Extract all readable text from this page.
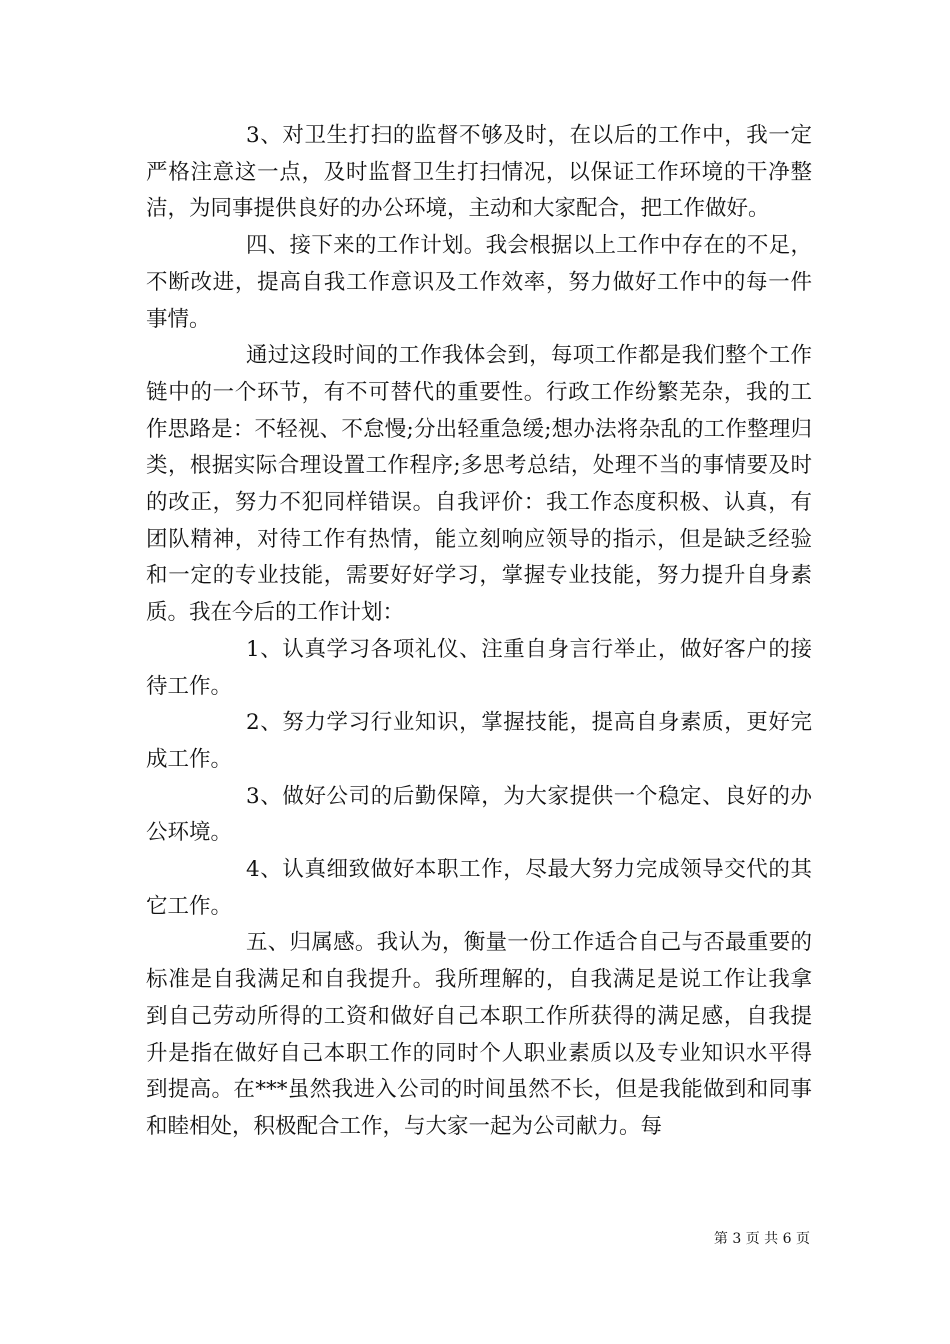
3、对卫生打扫的监督不够及时，在以后的工作中，我一定严格注意这一点，及时监督卫生打扫情况，以保证工作环境的干净整洁，为同事提供良好的办公环境，主动和大家配合，把工作做好。

四、接下来的工作计划。我会根据以上工作中存在的不足，不断改进，提高自我工作意识及工作效率，努力做好工作中的每一件事情。

通过这段时间的工作我体会到，每项工作都是我们整个工作链中的一个环节，有不可替代的重要性。行政工作纷繁芜杂，我的工作思路是：不轻视、不怠慢;分出轻重急缓;想办法将杂乱的工作整理归类，根据实际合理设置工作程序;多思考总结，处理不当的事情要及时的改正，努力不犯同样错误。自我评价：我工作态度积极、认真，有团队精神，对待工作有热情，能立刻响应领导的指示，但是缺乏经验和一定的专业技能，需要好好学习，掌握专业技能，努力提升自身素质。我在今后的工作计划：

1、认真学习各项礼仪、注重自身言行举止，做好客户的接待工作。

2、努力学习行业知识，掌握技能，提高自身素质，更好完成工作。

3、做好公司的后勤保障，为大家提供一个稳定、良好的办公环境。

4、认真细致做好本职工作，尽最大努力完成领导交代的其它工作。

五、归属感。我认为，衡量一份工作适合自己与否最重要的标准是自我满足和自我提升。我所理解的，自我满足是说工作让我拿到自己劳动所得的工资和做好自己本职工作所获得的满足感，自我提升是指在做好自己本职工作的同时个人职业素质以及专业知识水平得到提高。在***虽然我进入公司的时间虽然不长，但是我能做到和同事和睦相处，积极配合工作，与大家一起为公司献力。每

第 3 页 共 6 页
